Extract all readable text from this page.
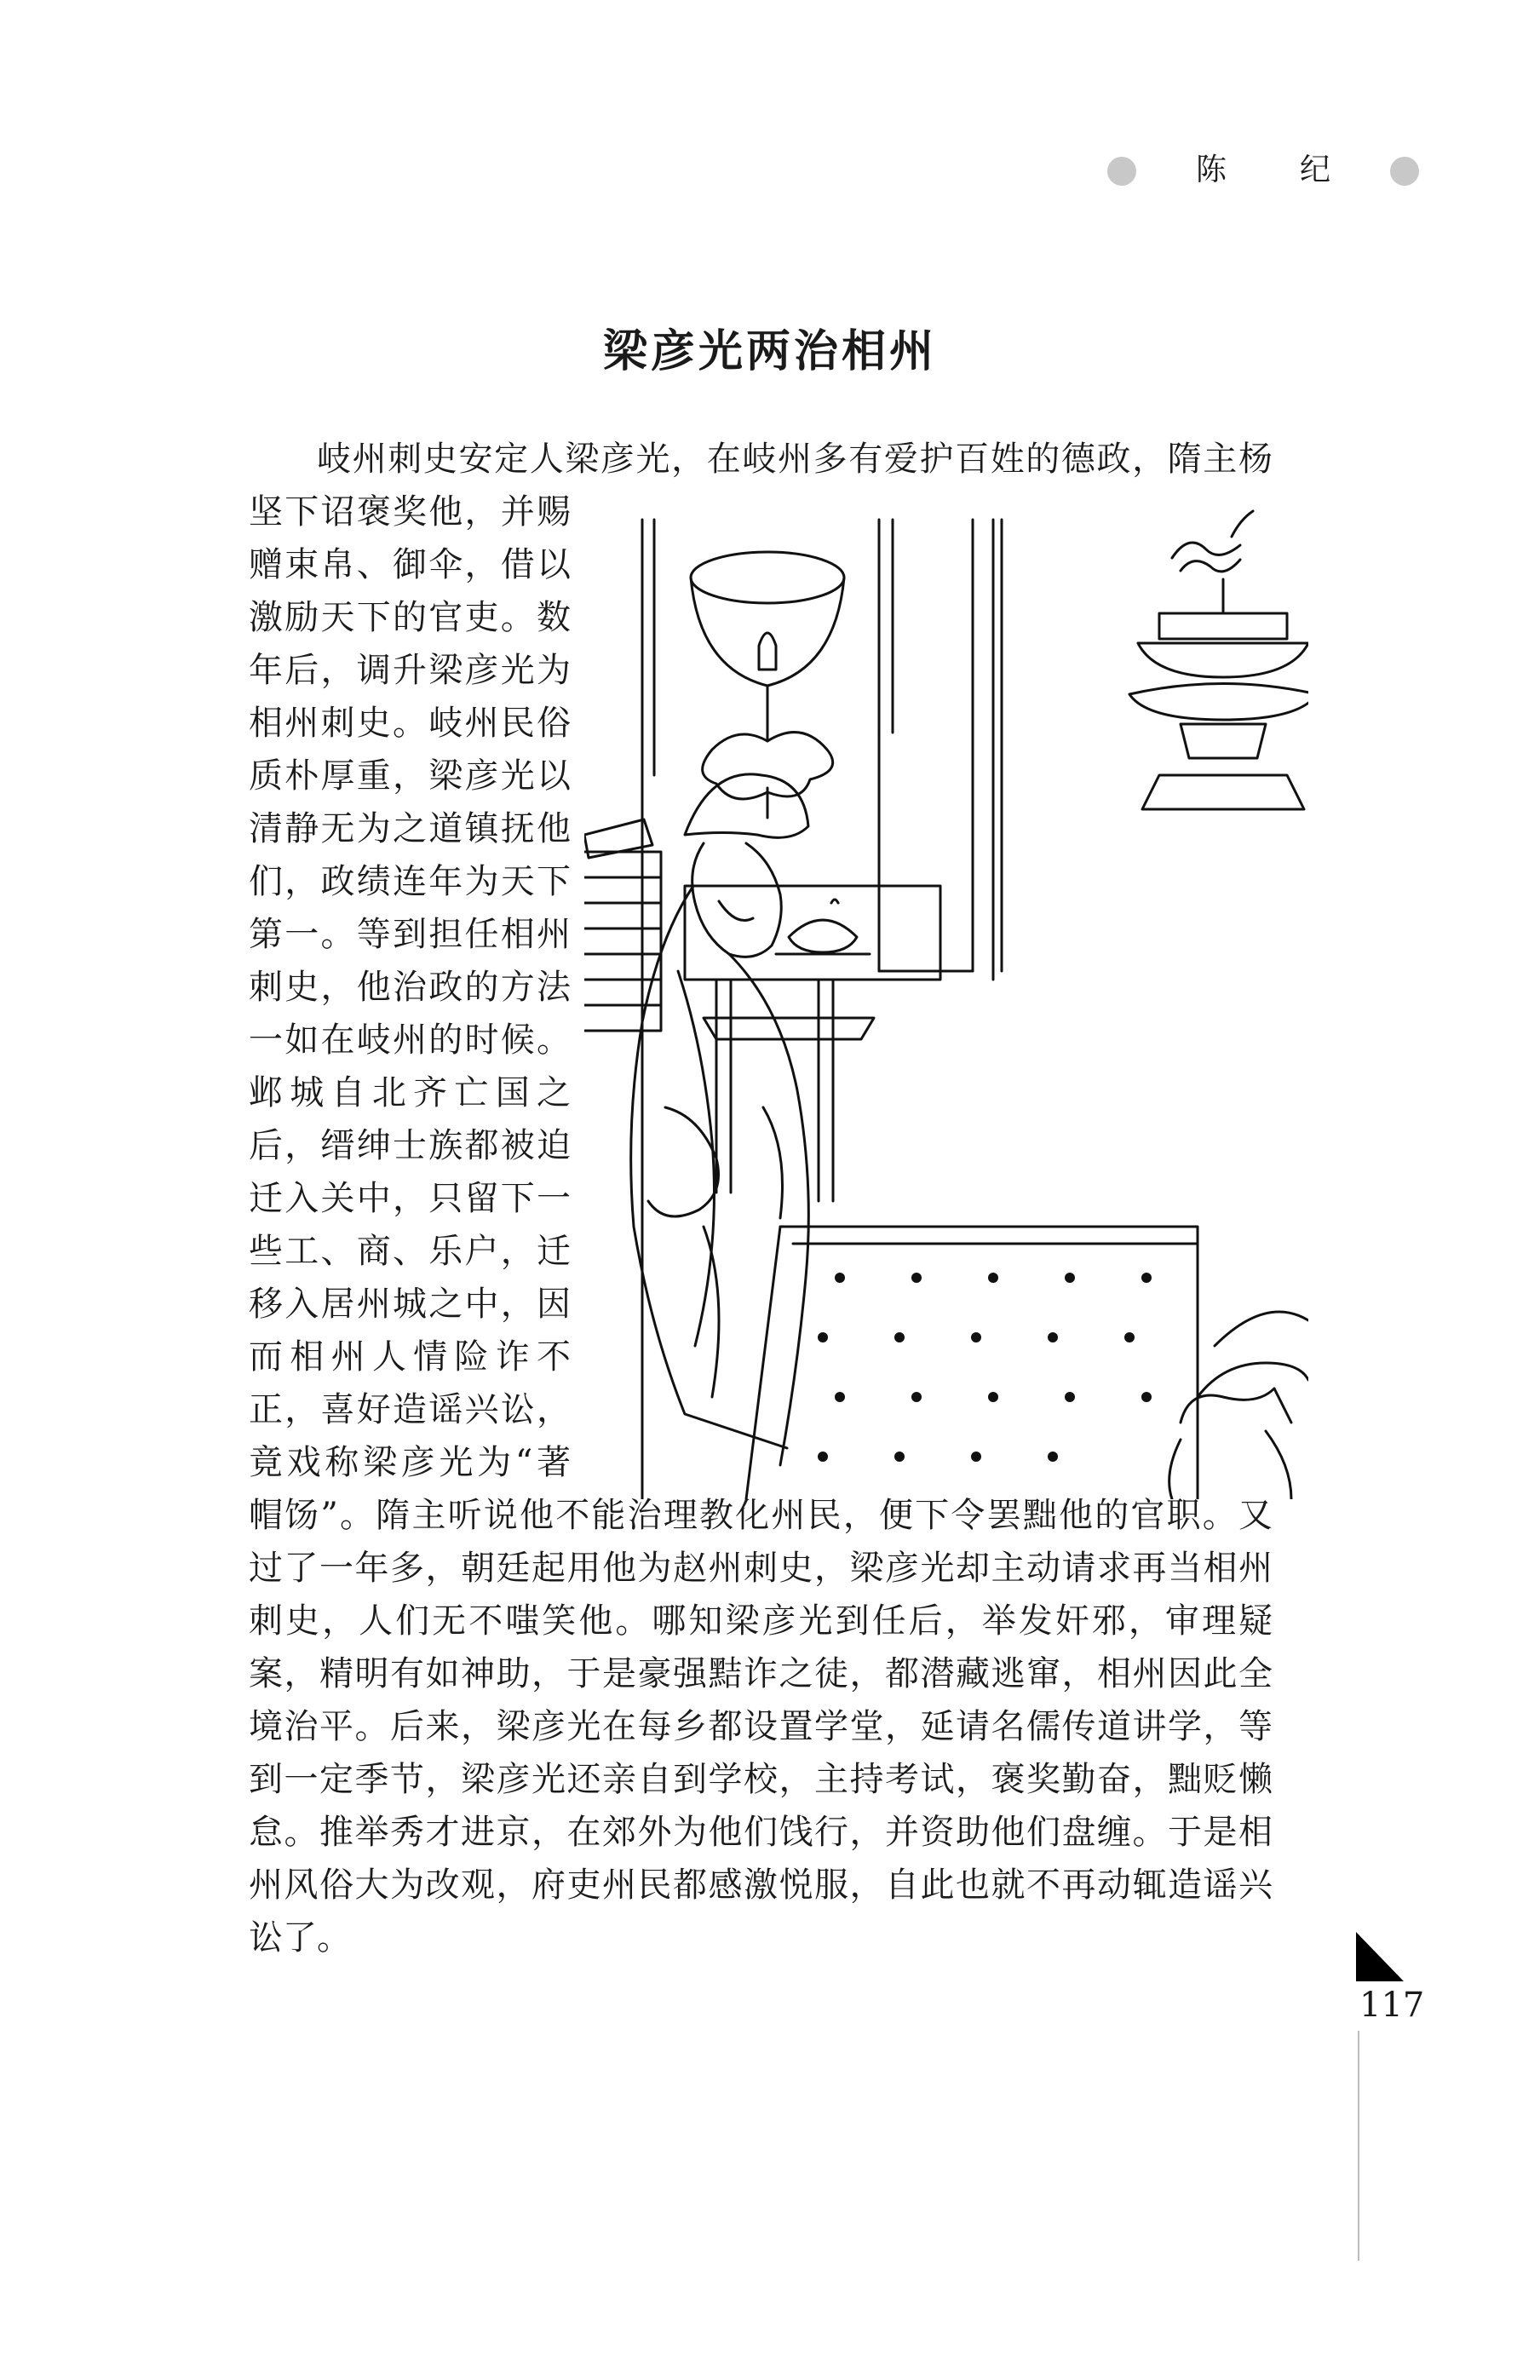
陈 纪
梁彦光两治相州
岐州刺史安定人梁彦光，在岐州多有爱护百姓的德政，隋主杨
坚下诏褒奖他，并赐
赠束帛、御伞，借以
激励天下的官吏。数
年后，调升梁彦光为
相州刺史。岐州民俗
质朴厚重，梁彦光以
清静无为之道镇抚他
们，政绩连年为天下
第一。等到担任相州
刺史，他治政的方法
一如在岐州的时候。
邺城自北齐亡国之
后，缙绅士族都被迫
迁入关中，只留下一
些工、商、乐户，迁
移入居州城之中，因
而相州人情险诈不
正，喜好造谣兴讼，
竟戏称梁彦光为“著
帽饧”。隋主听说他不能治理教化州民，便下令罢黜他的官职。又
过了一年多，朝廷起用他为赵州刺史，梁彦光却主动请求再当相州
刺史，人们无不嗤笑他。哪知梁彦光到任后，举发奸邪，审理疑
案，精明有如神助，于是豪强黠诈之徒，都潜藏逃窜，相州因此全
境治平。后来，梁彦光在每乡都设置学堂，延请名儒传道讲学，等
到一定季节，梁彦光还亲自到学校，主持考试，褒奖勤奋，黜贬懒
怠。推举秀才进京，在郊外为他们饯行，并资助他们盘缠。于是相
州风俗大为改观，府吏州民都感激悦服，自此也就不再动辄造谣兴
讼了。
117
